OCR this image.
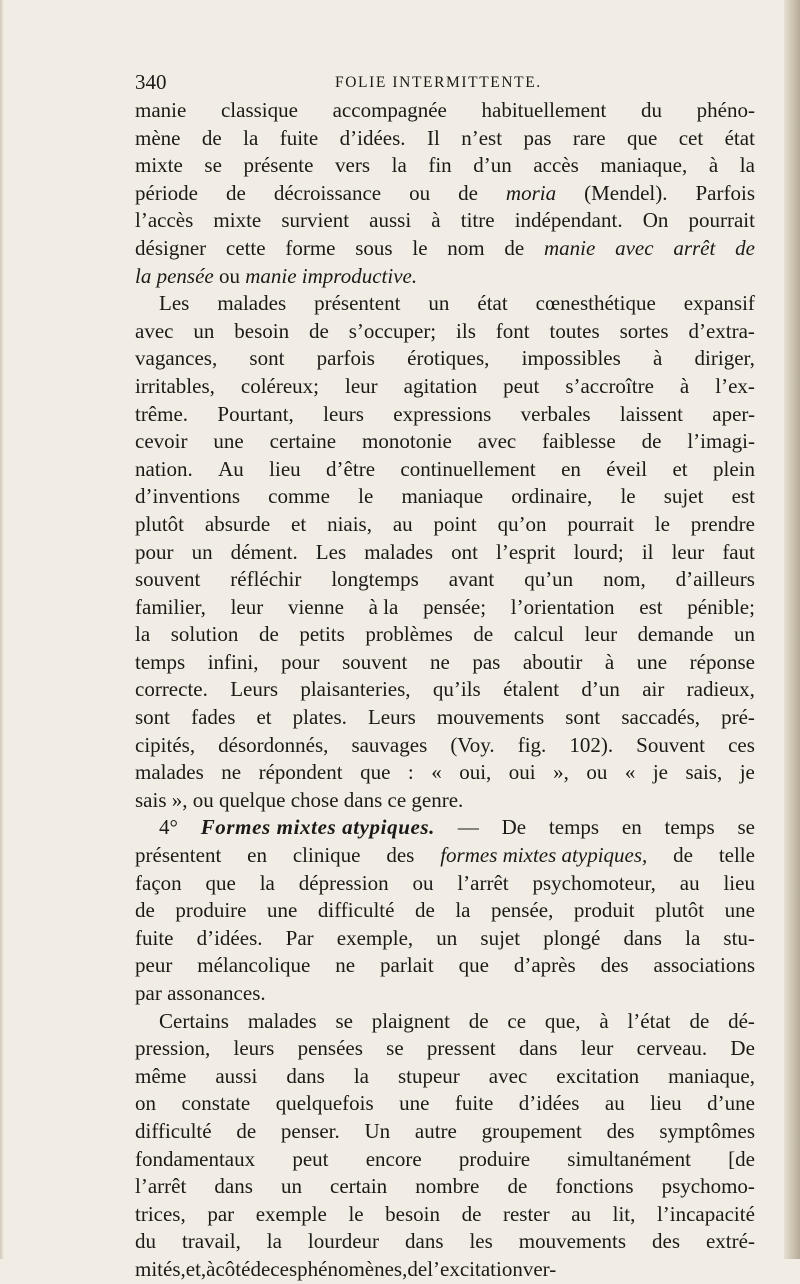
340	FOLIE INTERMITTENTE.
manie classique accompagnée habituellement du phéno-
mène de la fuite d’idées. Il n’est pas rare que cet état
mixte se présente vers la fin d’un accès maniaque, à la
période de décroissance ou de moria (Mendel). Parfois
l’accès mixte survient aussi à titre indépendant. On pourrait
désigner cette forme sous le nom de manie avec arrêt de
la pensée ou manie improductive.
Les malades présentent un état cœnesthétique expansif
avec un besoin de s’occuper; ils font toutes sortes d’extra-
vagances, sont parfois érotiques, impossibles à diriger,
irritables, coléreux; leur agitation peut s’accroître à l’ex-
trême. Pourtant, leurs expressions verbales laissent aper-
cevoir une certaine monotonie avec faiblesse de l’imagi-
nation. Au lieu d’être continuellement en éveil et plein
d’inventions comme le maniaque ordinaire, le sujet est
plutôt absurde et niais, au point qu’on pourrait le prendre
pour un dément. Les malades ont l’esprit lourd; il leur faut
souvent réfléchir longtemps avant qu’un nom, d’ailleurs
familier, leur vienne à la pensée; l’orientation est pénible;
la solution de petits problèmes de calcul leur demande un
temps infini, pour souvent ne pas aboutir à une réponse
correcte. Leurs plaisanteries, qu’ils étalent d’un air radieux,
sont fades et plates. Leurs mouvements sont saccadés, pré-
cipités, désordonnés, sauvages (Voy. fig. 102). Souvent ces
malades ne répondent que : « oui, oui », ou « je sais, je
sais », ou quelque chose dans ce genre.
4° Formes mixtes atypiques. — De temps en temps se
présentent en clinique des formes mixtes atypiques, de telle
façon que la dépression ou l’arrêt psychomoteur, au lieu
de produire une difficulté de la pensée, produit plutôt une
fuite d’idées. Par exemple, un sujet plongé dans la stu-
peur mélancolique ne parlait que d’après des associations
par assonances.
Certains malades se plaignent de ce que, à l’état de dé-
pression, leurs pensées se pressent dans leur cerveau. De
même aussi dans la stupeur avec excitation maniaque,
on constate quelquefois une fuite d’idées au lieu d’une
difficulté de penser. Un autre groupement des symptômes
fondamentaux peut encore produire simultanément [de
l’arrêt dans un certain nombre de fonctions psychomo-
trices, par exemple le besoin de rester au lit, l’incapacité
du travail, la lourdeur dans les mouvements des extré-
mités, et, à côté de ces phénomènes, de l’excitation ver-
